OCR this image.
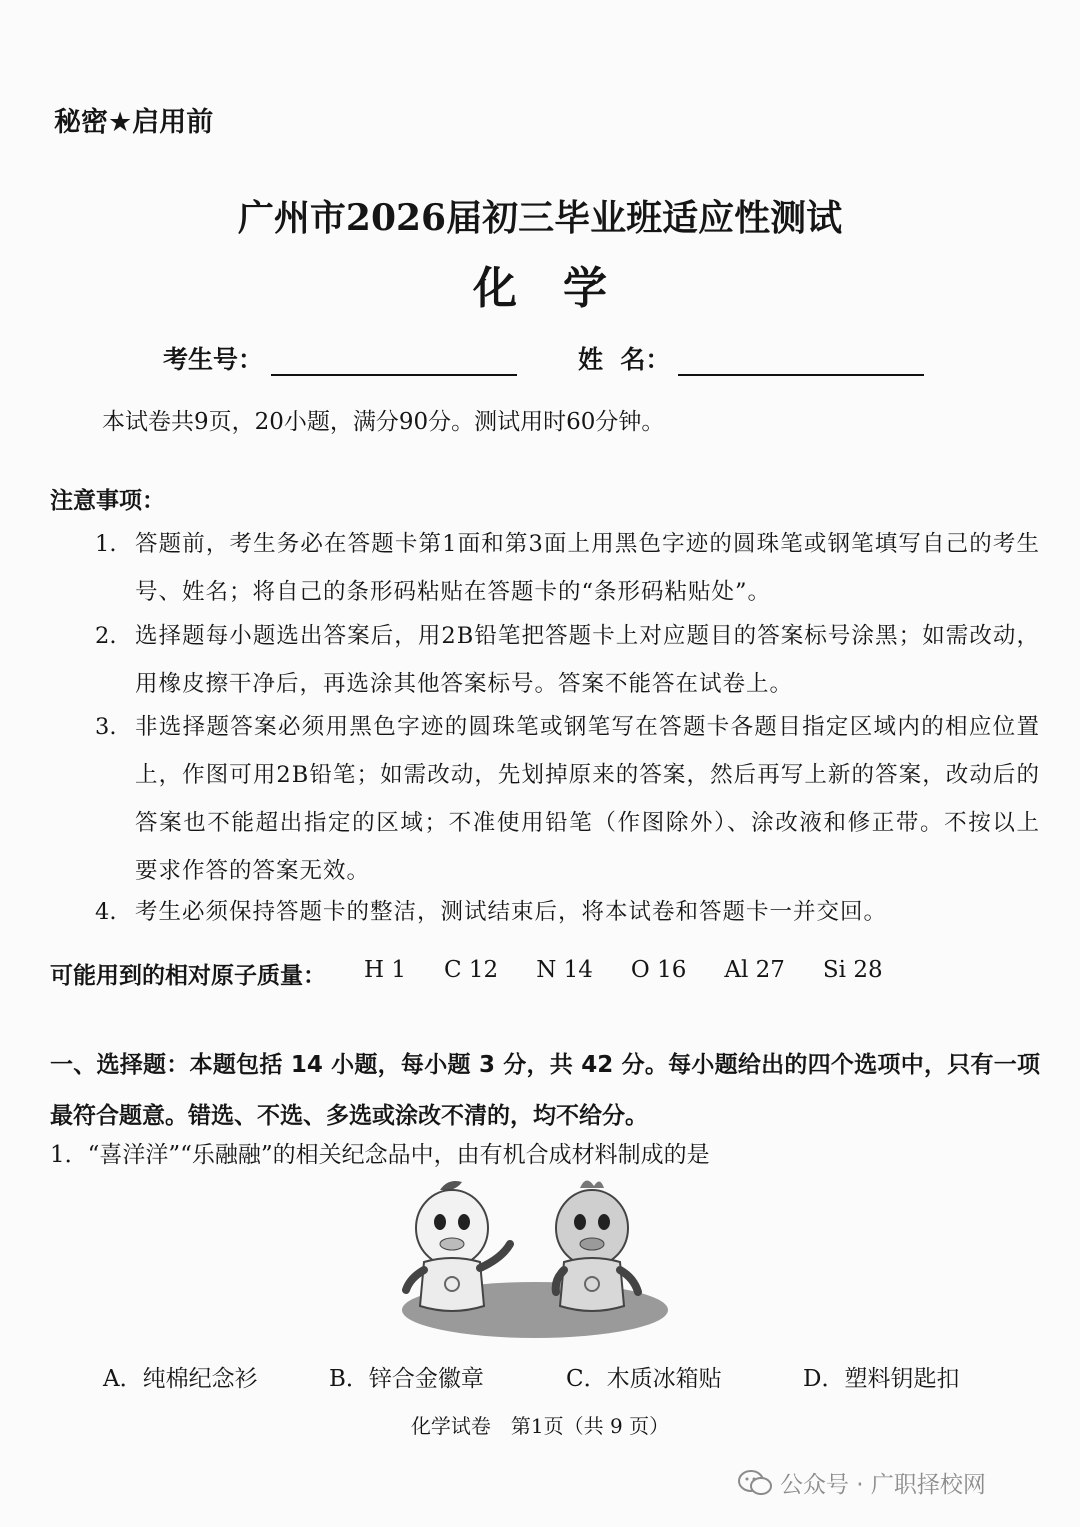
秘密★启用前
广州市2026届初三毕业班适应性测试
化学
考生号：	姓  名：
本试卷共9页，20小题，满分90分。测试用时60分钟。
注意事项：
1. 答题前，考生务必在答题卡第1面和第3面上用黑色字迹的圆珠笔或钢笔填写自己的考生号、姓名；将自己的条形码粘贴在答题卡的“条形码粘贴处”。
2. 选择题每小题选出答案后，用2B铅笔把答题卡上对应题目的答案标号涂黑；如需改动，用橡皮擦干净后，再选涂其他答案标号。答案不能答在试卷上。
3. 非选择题答案必须用黑色字迹的圆珠笔或钢笔写在答题卡各题目指定区域内的相应位置上，作图可用2B铅笔；如需改动，先划掉原来的答案，然后再写上新的答案，改动后的答案也不能超出指定的区域；不准使用铅笔（作图除外）、涂改液和修正带。不按以上要求作答的答案无效。
4. 考生必须保持答题卡的整洁，测试结束后，将本试卷和答题卡一并交回。
可能用到的相对原子质量： H 1 C 12 N 14 O 16 Al 27 Si 28
一、选择题：本题包括 14 小题，每小题 3 分，共 42 分。每小题给出的四个选项中，只有一项最符合题意。错选、不选、多选或涂改不清的，均不给分。
1．“喜洋洋”“乐融融”的相关纪念品中，由有机合成材料制成的是
A．纯棉纪念衫	B．锌合金徽章	C．木质冰箱贴	D．塑料钥匙扣
化学试卷　第1页（共 9 页）
公众号 · 广职择校网
